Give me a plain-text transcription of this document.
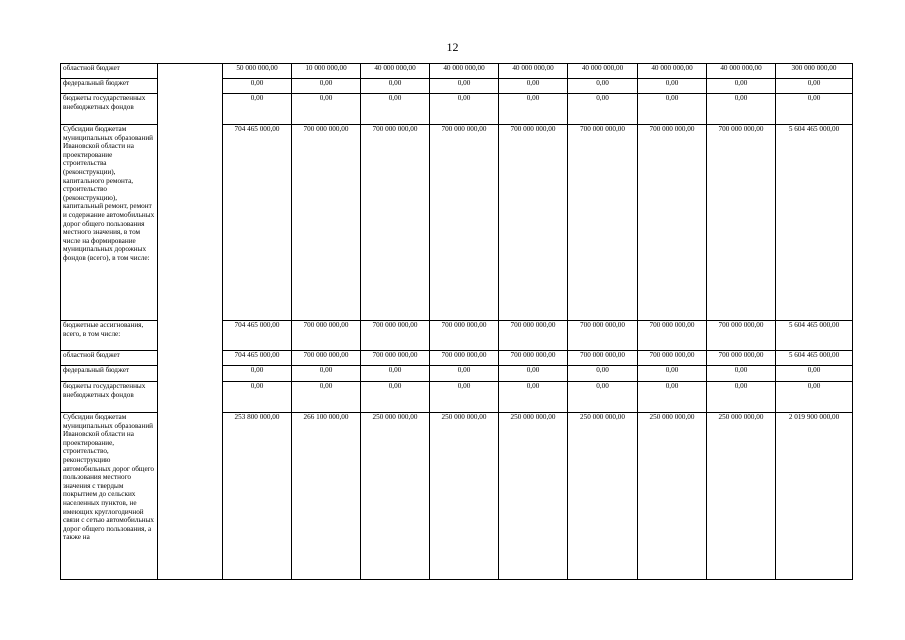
12
областной бюджет		50 000 000,00	10 000 000,00	40 000 000,00	40 000 000,00	40 000 000,00	40 000 000,00	40 000 000,00	40 000 000,00	300 000 000,00
федеральный бюджет		0,00	0,00	0,00	0,00	0,00	0,00	0,00	0,00	0,00
бюджеты государственных внебюджетных фондов		0,00	0,00	0,00	0,00	0,00	0,00	0,00	0,00	0,00
Субсидии бюджетам муниципальных образований Ивановской области на проектирование строительства (реконструкции), капитального ремонта, строительство (реконструкцию), капитальный ремонт, ремонт и содержание автомобильных дорог общего пользования местного значения, в том числе на формирование муниципальных дорожных фондов (всего), в том числе:		704 465 000,00	700 000 000,00	700 000 000,00	700 000 000,00	700 000 000,00	700 000 000,00	700 000 000,00	700 000 000,00	5 604 465 000,00
бюджетные ассигнования, всего, в том числе:		704 465 000,00	700 000 000,00	700 000 000,00	700 000 000,00	700 000 000,00	700 000 000,00	700 000 000,00	700 000 000,00	5 604 465 000,00
областной бюджет		704 465 000,00	700 000 000,00	700 000 000,00	700 000 000,00	700 000 000,00	700 000 000,00	700 000 000,00	700 000 000,00	5 604 465 000,00
федеральный бюджет		0,00	0,00	0,00	0,00	0,00	0,00	0,00	0,00	0,00
бюджеты государственных внебюджетных фондов		0,00	0,00	0,00	0,00	0,00	0,00	0,00	0,00	0,00
Субсидии бюджетам муниципальных образований Ивановской области на проектирование, строительство, реконструкцию автомобильных дорог общего пользования местного значения с твердым покрытием до сельских населенных пунктов, не имеющих круглогодичной связи с сетью автомобильных дорог общего пользования, а также на		253 800 000,00	266 100 000,00	250 000 000,00	250 000 000,00	250 000 000,00	250 000 000,00	250 000 000,00	250 000 000,00	2 019 900 000,00
